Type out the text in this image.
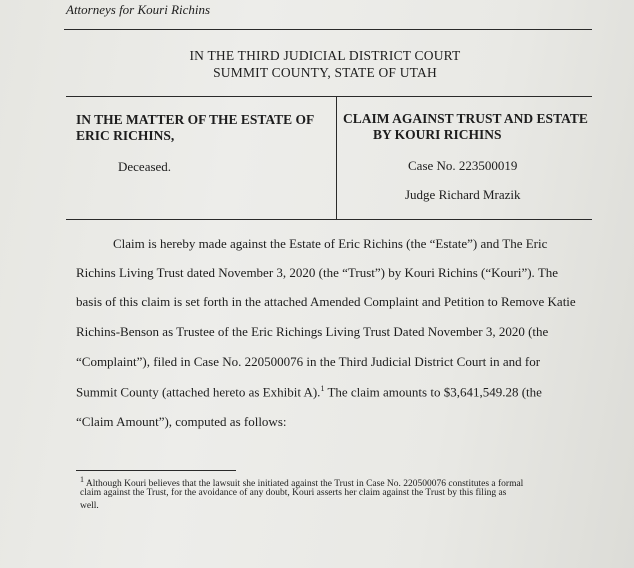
Attorneys for Kouri Richins
IN THE THIRD JUDICIAL DISTRICT COURT
SUMMIT COUNTY, STATE OF UTAH
IN THE MATTER OF THE ESTATE OF
ERIC RICHINS,
Deceased.
CLAIM AGAINST TRUST AND ESTATE
BY KOURI RICHINS
Case No. 223500019
Judge Richard Mrazik
Claim is hereby made against the Estate of Eric Richins (the “Estate”) and The Eric
Richins Living Trust dated November 3, 2020 (the “Trust”) by Kouri Richins (“Kouri”). The
basis of this claim is set forth in the attached Amended Complaint and Petition to Remove Katie
Richins-Benson as Trustee of the Eric Richings Living Trust Dated November 3, 2020 (the
“Complaint”), filed in Case No. 220500076 in the Third Judicial District Court in and for
Summit County (attached hereto as Exhibit A).$^1$ The claim amounts to $3,641,549.28 (the
“Claim Amount”), computed as follows:
$^1$ Although Kouri believes that the lawsuit she initiated against the Trust in Case No. 220500076 constitutes a formal
claim against the Trust, for the avoidance of any doubt, Kouri asserts her claim against the Trust by this filing as
well.
